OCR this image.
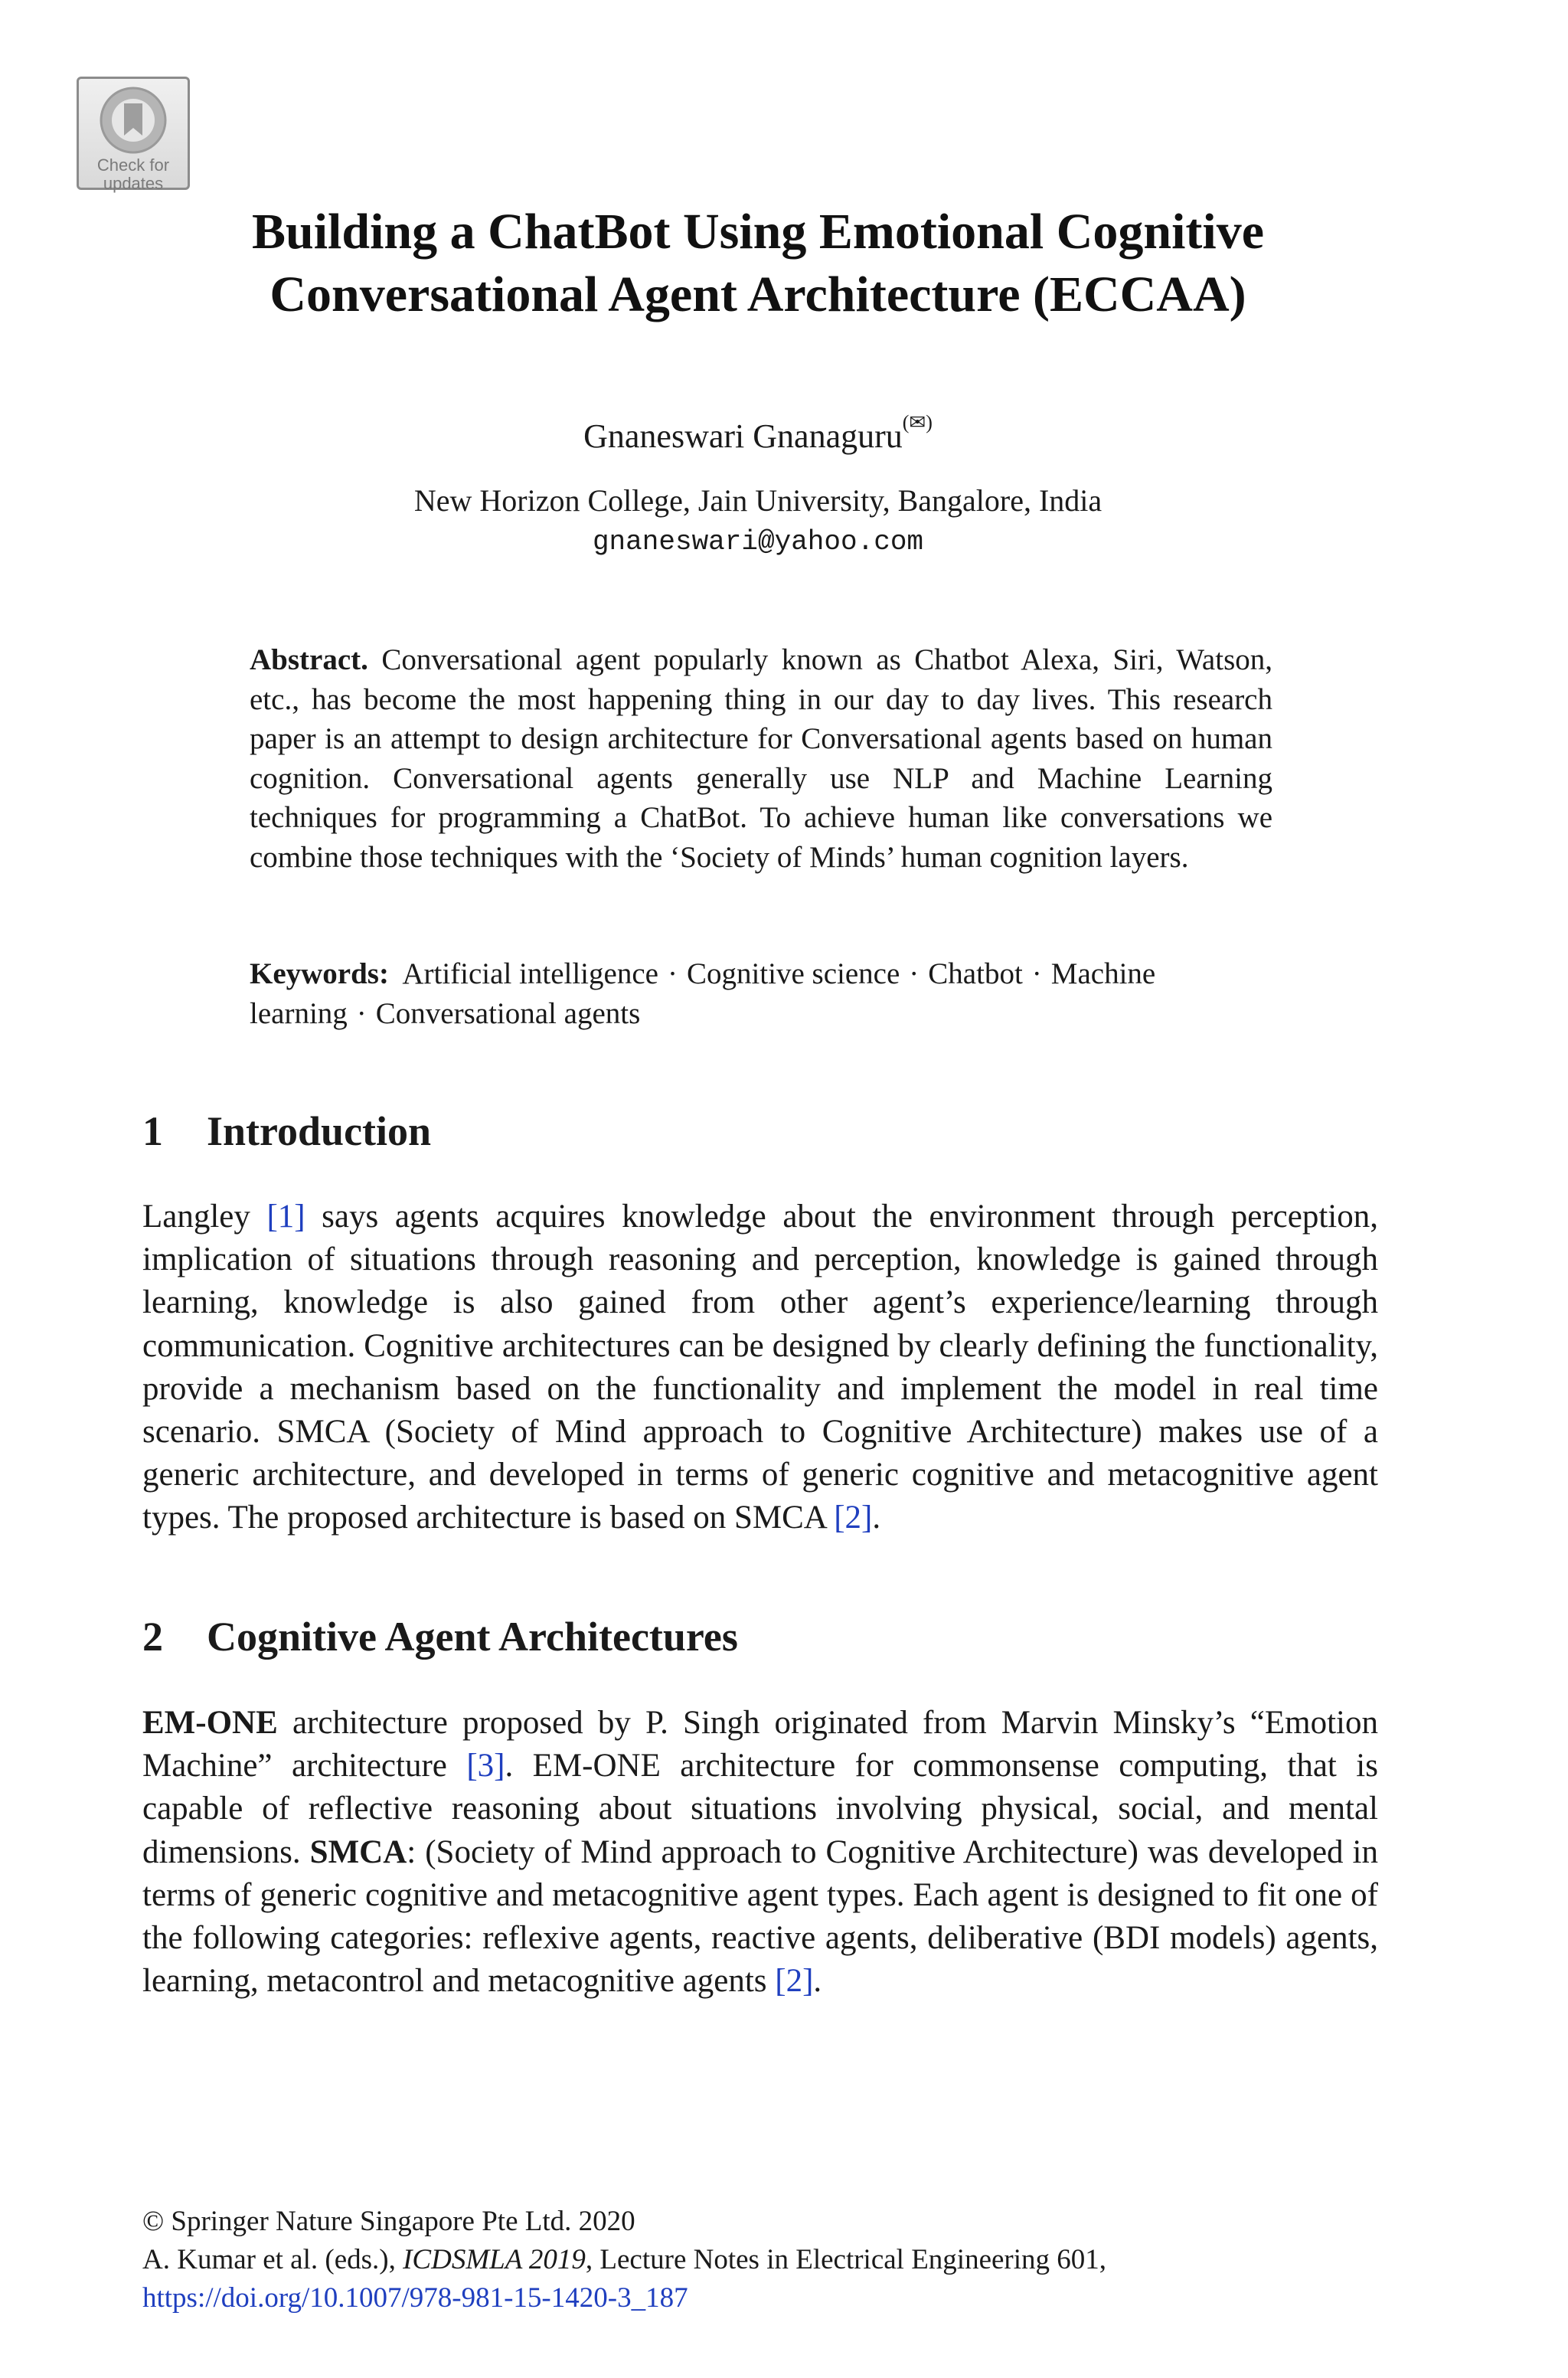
Check for
updates
Building a ChatBot Using Emotional Cognitive
Conversational Agent Architecture (ECCAA)
Gnaneswari Gnanaguru(✉)
New Horizon College, Jain University, Bangalore, India
gnaneswari@yahoo.com
Abstract. Conversational agent popularly known as Chatbot Alexa, Siri, Watson, etc., has become the most happening thing in our day to day lives. This research paper is an attempt to design architecture for Conversational agents based on human cognition. Conversational agents generally use NLP and Machine Learning techniques for programming a ChatBot. To achieve human like conversations we combine those techniques with the ‘Society of Minds’ human cognition layers.
Keywords: Artificial intelligence · Cognitive science · Chatbot · Machine learning · Conversational agents
1 Introduction
Langley [1] says agents acquires knowledge about the environment through perception, implication of situations through reasoning and perception, knowledge is gained through learning, knowledge is also gained from other agent’s experience/learning through communication. Cognitive architectures can be designed by clearly defining the functionality, provide a mechanism based on the functionality and implement the model in real time scenario. SMCA (Society of Mind approach to Cognitive Architecture) makes use of a generic architecture, and developed in terms of generic cognitive and metacognitive agent types. The proposed architecture is based on SMCA [2].
2 Cognitive Agent Architectures
EM-ONE architecture proposed by P. Singh originated from Marvin Minsky’s “Emotion Machine” architecture [3]. EM-ONE architecture for commonsense computing, that is capable of reflective reasoning about situations involving physical, social, and mental dimensions. SMCA: (Society of Mind approach to Cognitive Architecture) was developed in terms of generic cognitive and metacognitive agent types. Each agent is designed to fit one of the following categories: reflexive agents, reactive agents, deliberative (BDI models) agents, learning, metacontrol and metacognitive agents [2].
© Springer Nature Singapore Pte Ltd. 2020
A. Kumar et al. (eds.), ICDSMLA 2019, Lecture Notes in Electrical Engineering 601,
https://doi.org/10.1007/978-981-15-1420-3_187
